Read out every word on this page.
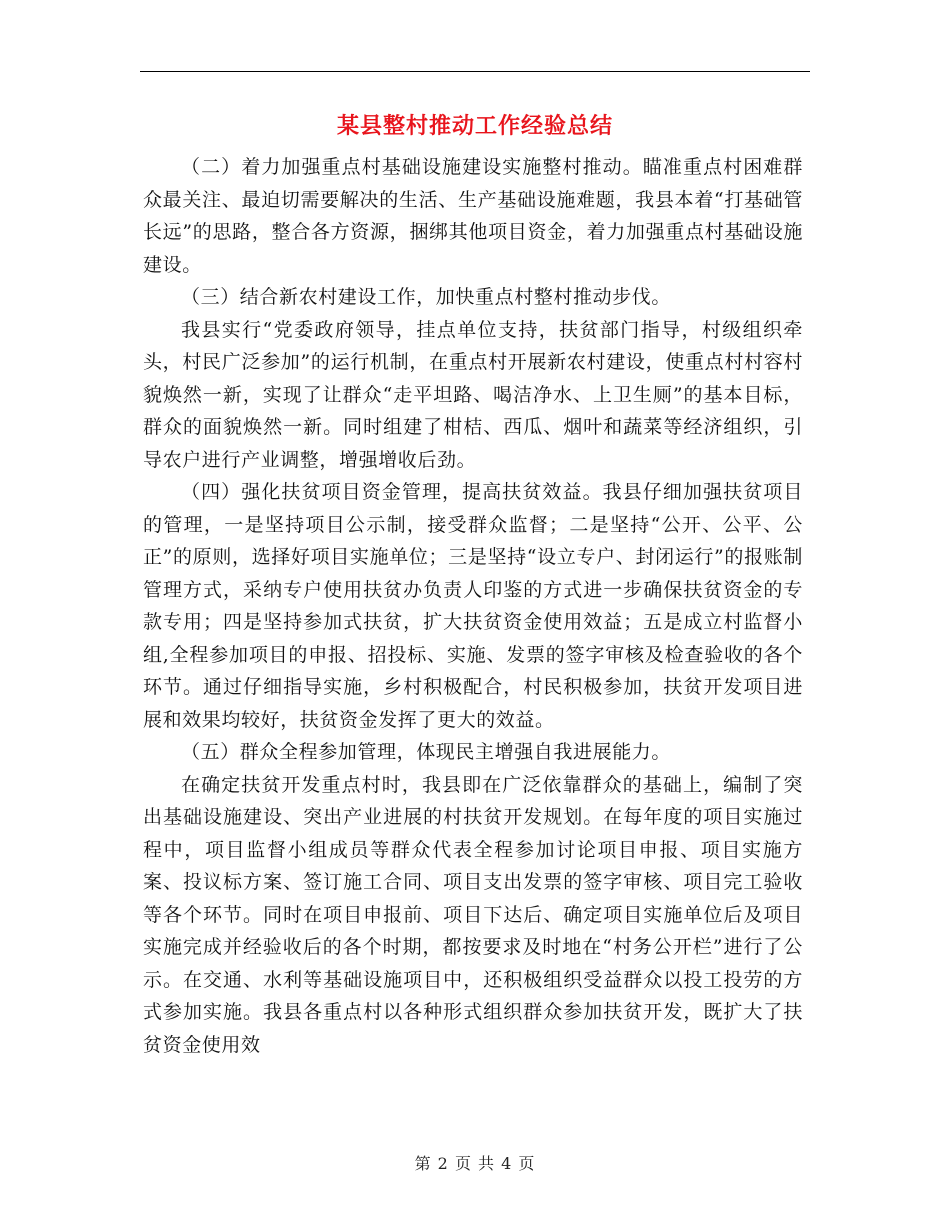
某县整村推动工作经验总结

（二）着力加强重点村基础设施建设实施整村推动。瞄准重点村困难群众最关注、最迫切需要解决的生活、生产基础设施难题，我县本着“打基础管长远”的思路，整合各方资源，捆绑其他项目资金，着力加强重点村基础设施建设。

（三）结合新农村建设工作，加快重点村整村推动步伐。

我县实行“党委政府领导，挂点单位支持，扶贫部门指导，村级组织牵头，村民广泛参加”的运行机制，在重点村开展新农村建设，使重点村村容村貌焕然一新，实现了让群众“走平坦路、喝洁净水、上卫生厕”的基本目标，群众的面貌焕然一新。同时组建了柑桔、西瓜、烟叶和蔬菜等经济组织，引导农户进行产业调整，增强增收后劲。

（四）强化扶贫项目资金管理，提高扶贫效益。我县仔细加强扶贫项目的管理，一是坚持项目公示制，接受群众监督；二是坚持“公开、公平、公正”的原则，选择好项目实施单位；三是坚持“设立专户、封闭运行”的报账制管理方式，采纳专户使用扶贫办负责人印鉴的方式进一步确保扶贫资金的专款专用；四是坚持参加式扶贫，扩大扶贫资金使用效益；五是成立村监督小组,全程参加项目的申报、招投标、实施、发票的签字审核及检查验收的各个环节。通过仔细指导实施，乡村积极配合，村民积极参加，扶贫开发项目进展和效果均较好，扶贫资金发挥了更大的效益。

（五）群众全程参加管理，体现民主增强自我进展能力。

在确定扶贫开发重点村时，我县即在广泛依靠群众的基础上，编制了突出基础设施建设、突出产业进展的村扶贫开发规划。在每年度的项目实施过程中，项目监督小组成员等群众代表全程参加讨论项目申报、项目实施方案、投议标方案、签订施工合同、项目支出发票的签字审核、项目完工验收等各个环节。同时在项目申报前、项目下达后、确定项目实施单位后及项目实施完成并经验收后的各个时期，都按要求及时地在“村务公开栏”进行了公示。在交通、水利等基础设施项目中，还积极组织受益群众以投工投劳的方式参加实施。我县各重点村以各种形式组织群众参加扶贫开发，既扩大了扶贫资金使用效

第 2 页 共 4 页
